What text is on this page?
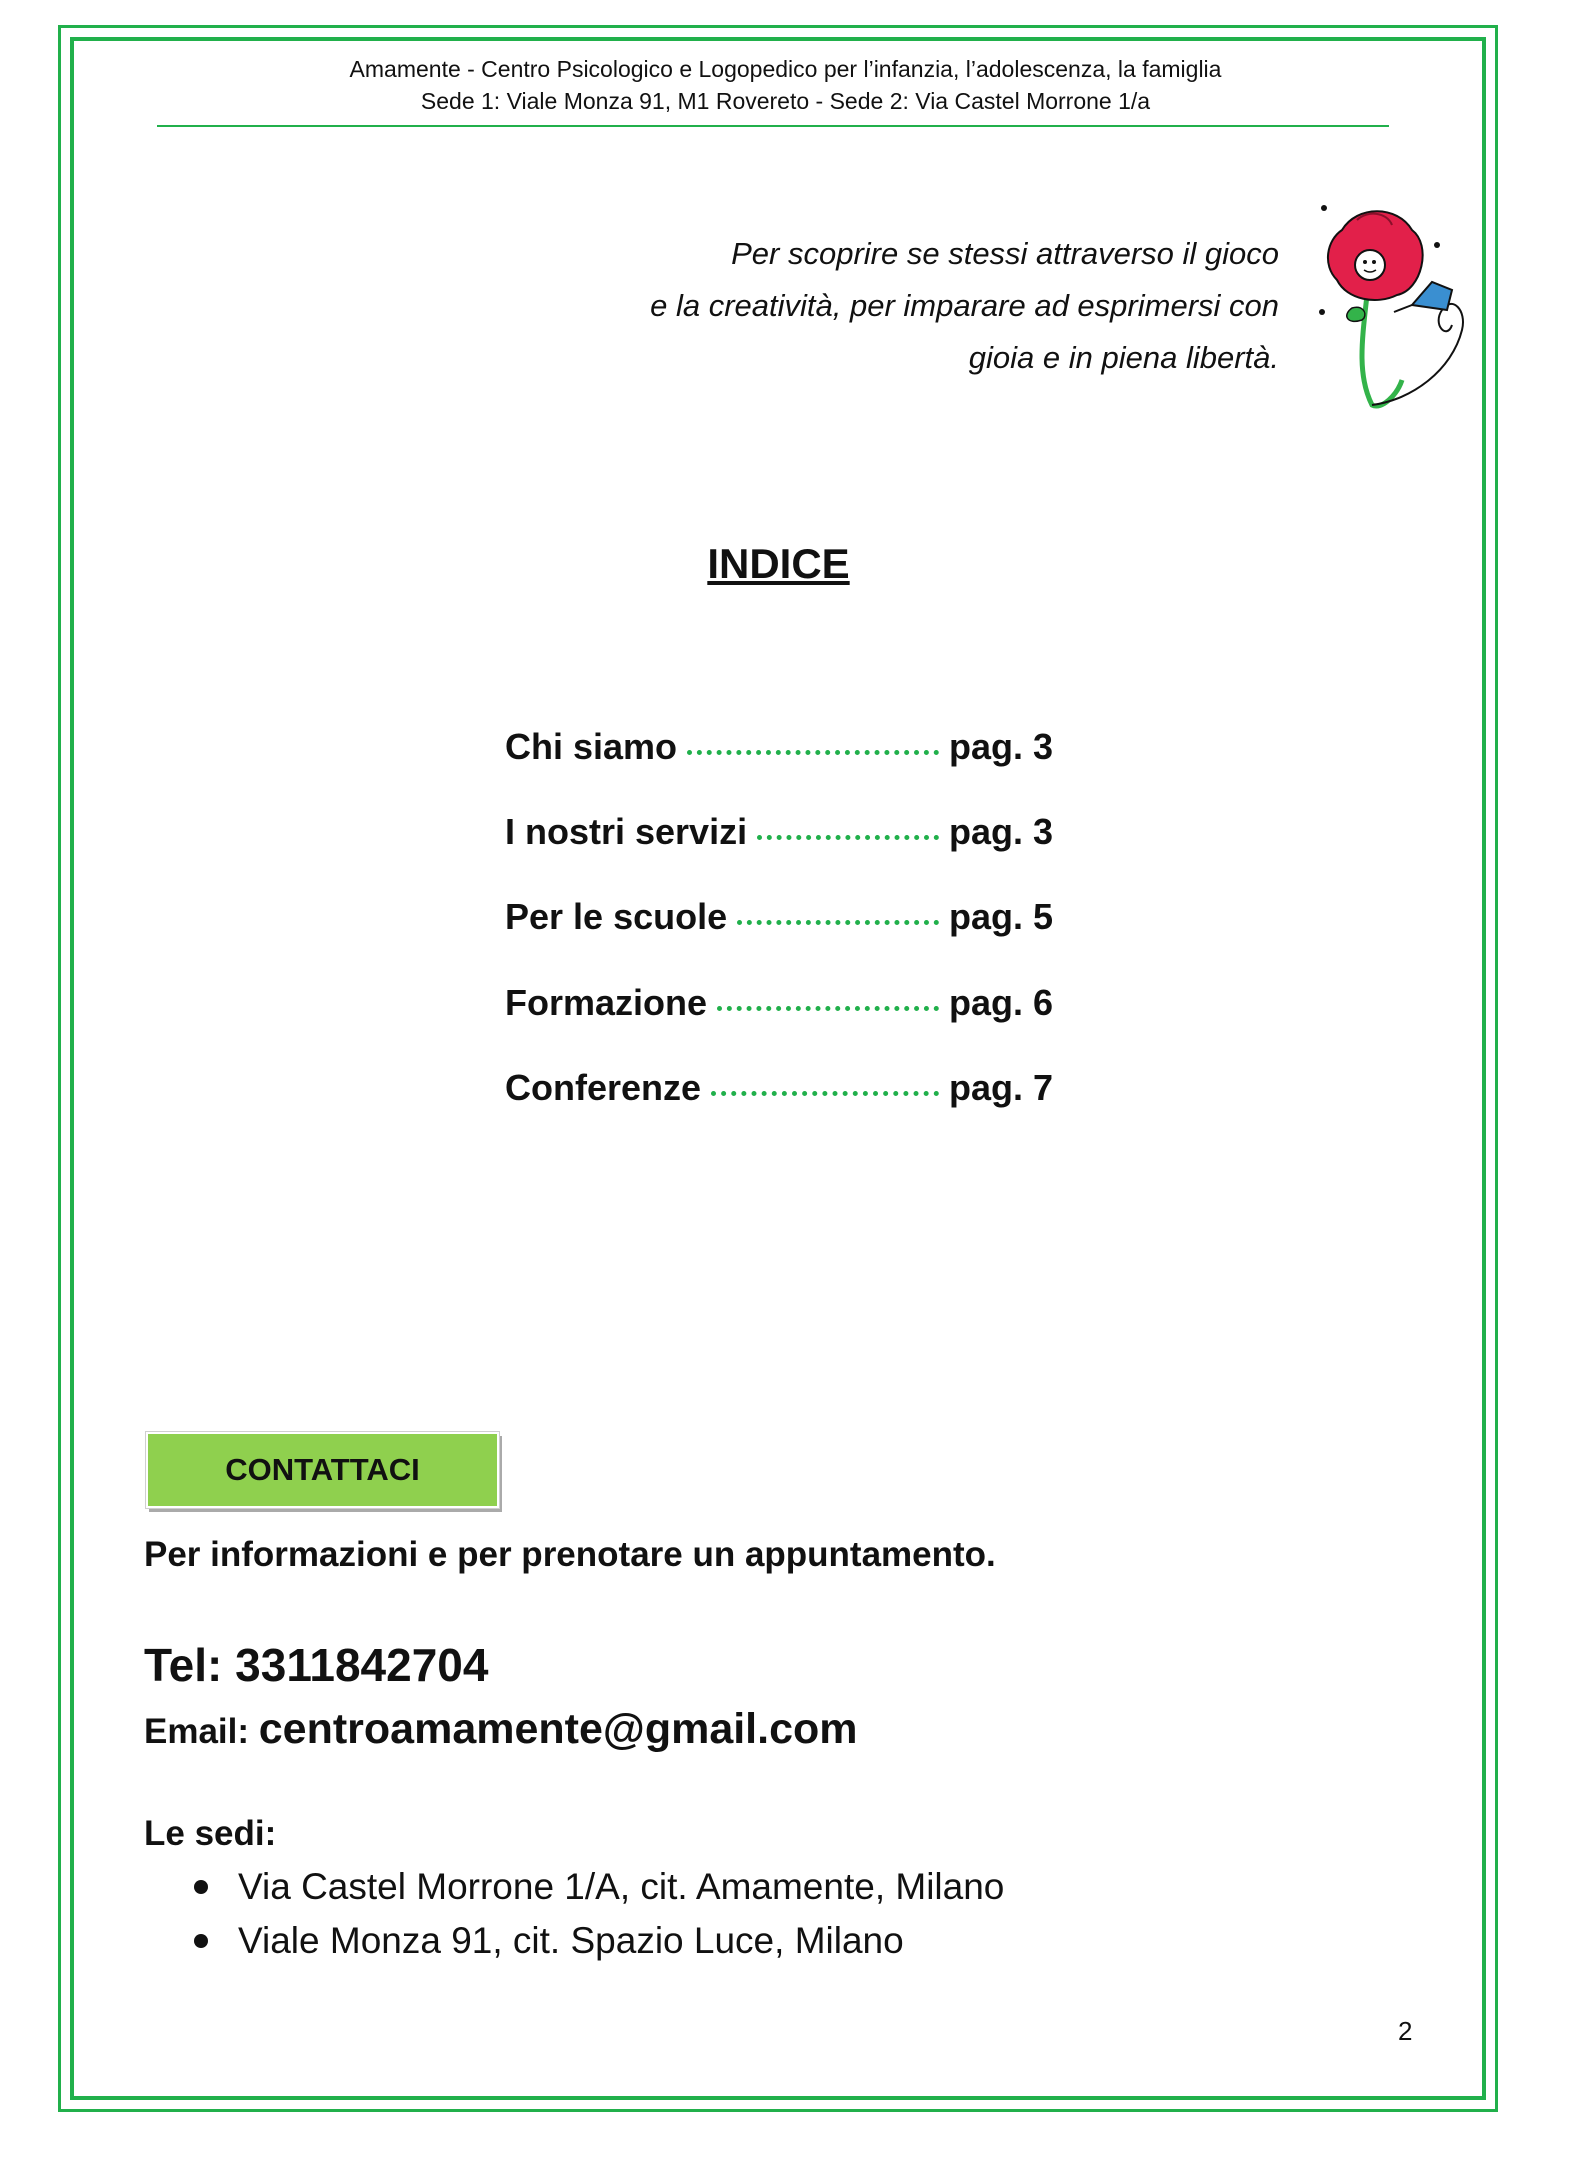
Amamente - Centro Psicologico e Logopedico per l’infanzia, l’adolescenza, la famiglia
Sede 1: Viale Monza 91, M1 Rovereto - Sede 2: Via Castel Morrone 1/a
Per scoprire se stessi attraverso il gioco
e la creatività, per imparare ad esprimersi con
gioia e in piena libertà.
INDICE
Chi siamo	pag. 3
I nostri servizi	pag. 3
Per le scuole	pag. 5
Formazione	pag. 6
Conferenze	pag. 7
CONTATTACI
Per informazioni e per prenotare un appuntamento.
Tel: 3311842704
Email: centroamamente@gmail.com
Le sedi:
Via Castel Morrone 1/A, cit. Amamente, Milano
Viale Monza 91, cit. Spazio Luce, Milano
2
